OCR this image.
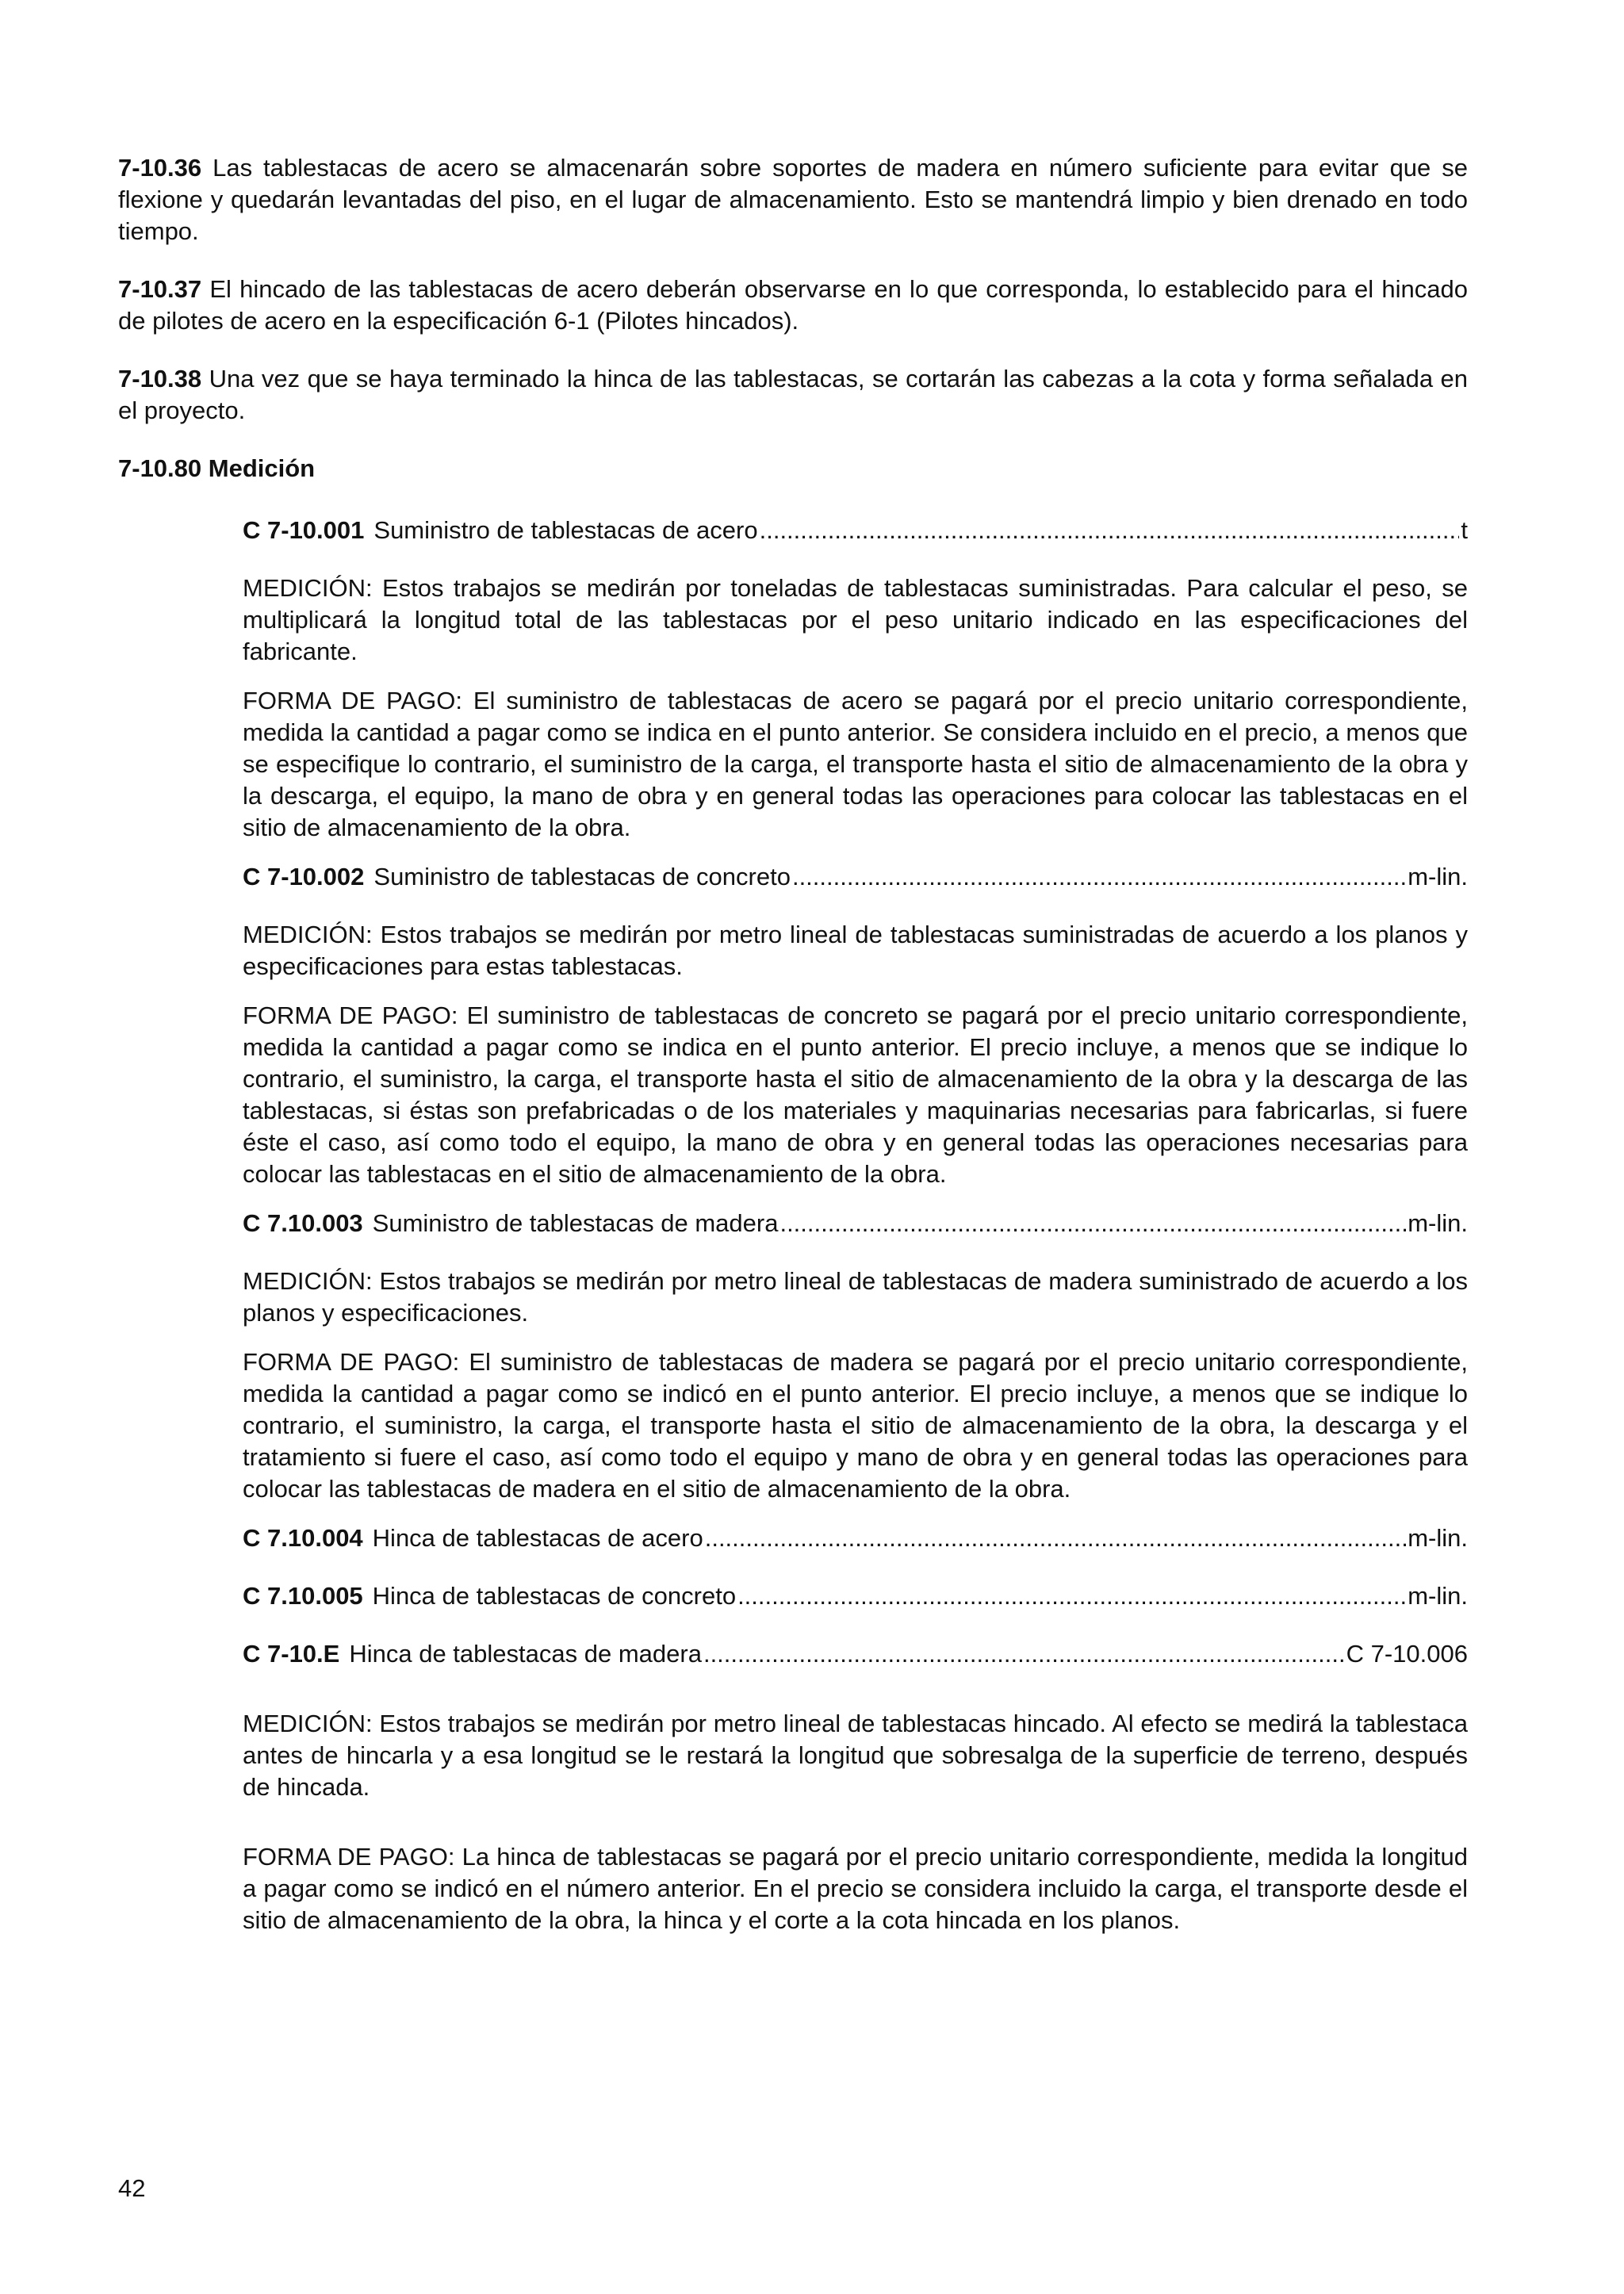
7-10.36 Las tablestacas de acero se almacenarán sobre soportes de madera en número suficiente para evitar que se flexione y quedarán levantadas del piso, en el lugar de almacenamiento. Esto se mantendrá limpio y bien drenado en todo tiempo.

7-10.37 El hincado de las tablestacas de acero deberán observarse en lo que corresponda, lo establecido para el hincado de pilotes de acero en la especificación 6-1 (Pilotes hincados).

7-10.38 Una vez que se haya terminado la hinca de las tablestacas, se cortarán las cabezas a la cota y forma señalada en el proyecto.

7-10.80 Medición
C 7-10.001 Suministro de tablestacas de acero .....	t

MEDICIÓN: Estos trabajos se medirán por toneladas de tablestacas suministradas. Para calcular el peso, se multiplicará la longitud total de las tablestacas por el peso unitario indicado en las especificaciones del fabricante.

FORMA DE PAGO: El suministro de tablestacas de acero se pagará por el precio unitario correspondiente, medida la cantidad a pagar como se indica en el punto anterior. Se considera incluido en el precio, a menos que se especifique lo contrario, el suministro de la carga, el transporte hasta el sitio de almacenamiento de la obra y la descarga, el equipo, la mano de obra y en general todas las operaciones para colocar las tablestacas en el sitio de almacenamiento de la obra.

C 7-10.002 Suministro de tablestacas de concreto .....	m-lin.

MEDICIÓN: Estos trabajos se medirán por metro lineal de tablestacas suministradas de acuerdo a los planos y especificaciones para estas tablestacas.

FORMA DE PAGO: El suministro de tablestacas de concreto se pagará por el precio unitario correspondiente, medida la cantidad a pagar como se indica en el punto anterior. El precio incluye, a menos que se indique lo contrario, el suministro, la carga, el transporte hasta el sitio de almacenamiento de la obra y la descarga de las tablestacas, si éstas son prefabricadas o de los materiales y maquinarias necesarias para fabricarlas, si fuere éste el caso, así como todo el equipo, la mano de obra y en general todas las operaciones necesarias para colocar las tablestacas en el sitio de almacenamiento de la obra.

C 7.10.003 Suministro de tablestacas de madera .....	m-lin.

MEDICIÓN: Estos trabajos se medirán por metro lineal de tablestacas de madera suministrado de acuerdo a los planos y especificaciones.

FORMA DE PAGO: El suministro de tablestacas de madera se pagará por el precio unitario correspondiente, medida la cantidad a pagar como se indicó en el punto anterior. El precio incluye, a menos que se indique lo contrario, el suministro, la carga, el transporte hasta el sitio de almacenamiento de la obra, la descarga y el tratamiento si fuere el caso, así como todo el equipo y mano de obra y en general todas las operaciones para colocar las tablestacas de madera en el sitio de almacenamiento de la obra.

C 7.10.004 Hinca de tablestacas de acero .....	m-lin.
C 7.10.005 Hinca de tablestacas de concreto .....	m-lin.
C 7-10.E Hinca de tablestacas de madera .....	C 7-10.006

MEDICIÓN: Estos trabajos se medirán por metro lineal de tablestacas hincado. Al efecto se medirá la tablestaca antes de hincarla y a esa longitud se le restará la longitud que sobresalga de la superficie de terreno, después de hincada.

FORMA DE PAGO: La hinca de tablestacas se pagará por el precio unitario correspondiente, medida la longitud a pagar como se indicó en el número anterior. En el precio se considera incluido la carga, el transporte desde el sitio de almacenamiento de la obra, la hinca y el corte a la cota hincada en los planos.

42
